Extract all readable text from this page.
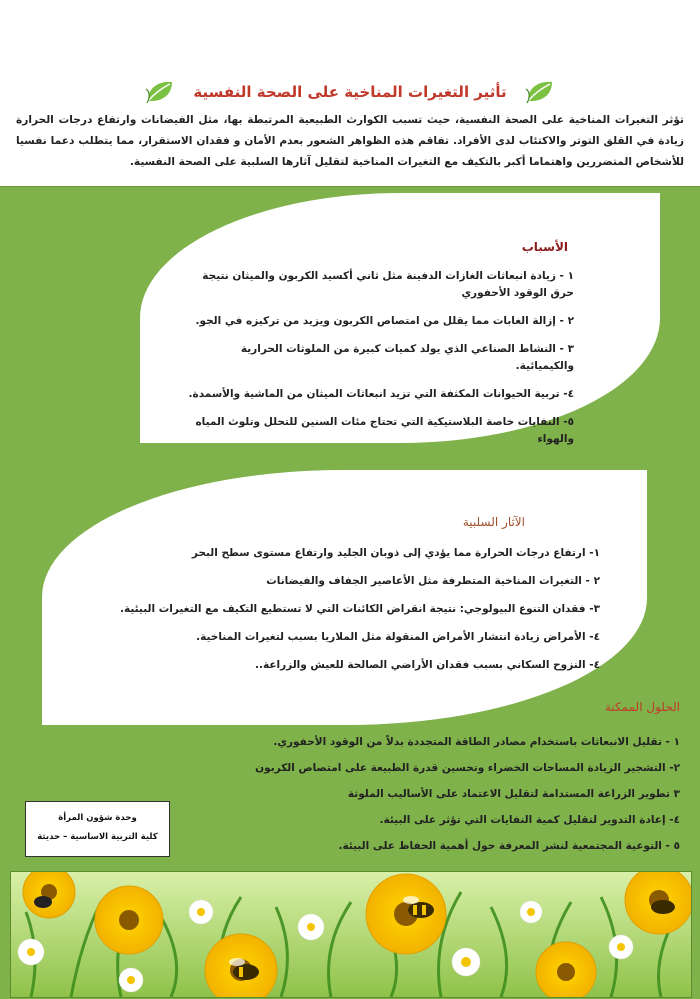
تأثير التغيرات المناخية على الصحة النفسية
تؤثر التغيرات المناخية على الصحة النفسية، حيث تسبب الكوارث الطبيعية المرتبطة بها، مثل الفيضانات وارتفاع درجات الحرارة زيادة في القلق التوتر والاكتئاب لدى الأفراد. تفاقم هذه الظواهر الشعور بعدم الأمان و فقدان الاستقرار، مما يتطلب دعما نفسيا للأشخاص المتضررين واهتماما أكبر بالتكيف مع التغيرات المناخية لتقليل آثارها السلبية على الصحة النفسية.
الأسباب
١ - زيادة انبعاثات الغازات الدفينة مثل ثاني أكسيد الكربون والميثان نتيجة حرق الوقود الأحفوري
٢ - إزالة الغابات مما يقلل من امتصاص الكربون ويزيد من تركيزه في الجو.
٣ - النشاط الصناعي الذي يولد كميات كبيرة من الملوثات الحرارية والكيميائية.
٤- تربية الحيوانات المكثفة التي تزيد انبعاثات الميثان من الماشية والأسمدة.
٥- النفايات خاصة البلاستيكية التي تحتاج مئات السنين للتحلل وتلوث المياه والهواء
الآثار السلبية
١- ارتفاع درجات الحرارة مما يؤدي إلى ذوبان الجليد وارتفاع مستوى سطح البحر
٢ - التغيرات المناخية المتطرفة مثل الأعاصير الجفاف والفيضانات
٣- فقدان التنوع البيولوجي: نتيجة انقراض الكائنات التي لا تستطيع التكيف مع التغيرات البيئية.
٤- الأمراض زيادة انتشار الأمراض المنقولة مثل الملاريا بسبب لتغيرات المناخية.
٤- النزوح السكاني بسبب فقدان الأراضي الصالحة للعيش والزراعة..
الحلول الممكنة
١ - تقليل الانبعاثات باستخدام مصادر الطاقة المتجددة بدلاً من الوقود الأحفوري.
٢- التشجير الزيادة المساحات الخضراء وتحسين قدرة الطبيعة على امتصاص الكربون
٣ تطوير الزراعة المستدامة لتقليل الاعتماد على الأساليب الملوثة
٤- إعادة التدوير لتقليل كمية النفايات التي تؤثر على البيئة.
٥ - التوعية المجتمعية لنشر المعرفة حول أهمية الحفاظ على البيئة.
وحدة شؤون المرأة
كلية التربية الاساسية – حديثة
